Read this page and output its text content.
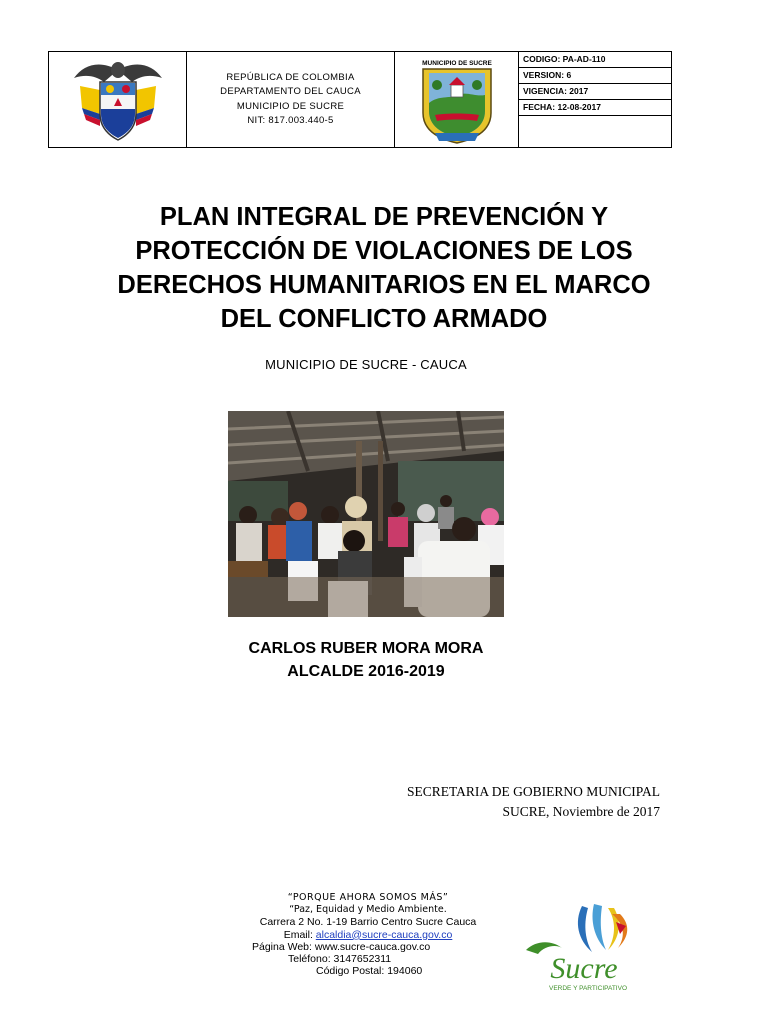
REPÚBLICA DE COLOMBIA
DEPARTAMENTO DEL CAUCA
MUNICIPIO DE SUCRE
NIT: 817.003.440-5
MUNICIPIO DE SUCRE	CODIGO: PA-AD-110
VERSION: 6
VIGENCIA: 2017
FECHA: 12-08-2017
PLAN INTEGRAL DE PREVENCIÓN Y
PROTECCIÓN DE VIOLACIONES DE LOS
DERECHOS HUMANITARIOS EN EL MARCO
DEL CONFLICTO ARMADO
MUNICIPIO DE SUCRE - CAUCA
CARLOS RUBER MORA MORA
ALCALDE 2016-2019
SECRETARIA DE GOBIERNO MUNICIPAL
SUCRE, Noviembre de 2017
“PORQUE AHORA SOMOS MÁS”
“Paz, Equidad y Medio Ambiente.
Carrera 2 No. 1-19 Barrio Centro Sucre Cauca
Email: alcaldia@sucre-cauca.gov.co
Página Web: www.sucre-cauca.gov.co
Teléfono: 3147652311
Código Postal: 194060	Sucre
VERDE Y PARTICIPATIVO
